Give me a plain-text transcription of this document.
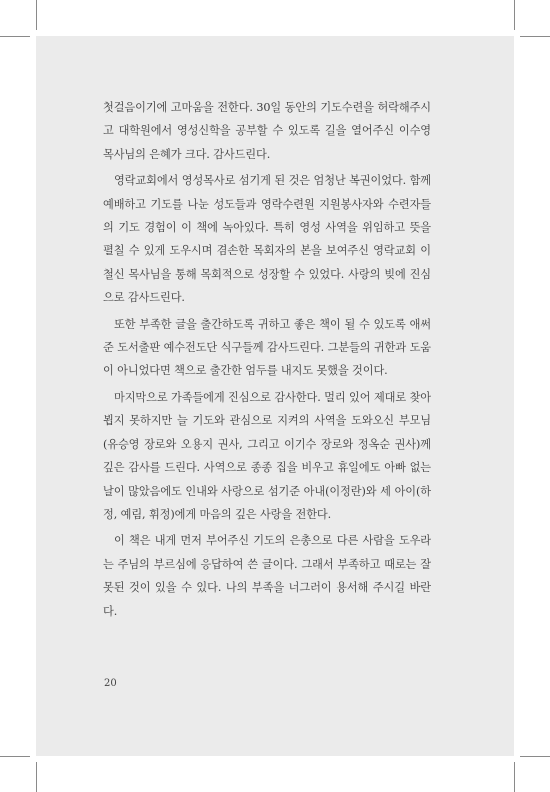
첫걸음이기에 고마움을 전한다. 30일 동안의 기도수련을 허락해주시고 대학원에서 영성신학을 공부할 수 있도록 길을 열어주신 이수영 목사님의 은혜가 크다. 감사드린다.

영락교회에서 영성목사로 섬기게 된 것은 엄청난 복권이었다. 함께 예배하고 기도를 나눈 성도들과 영락수련원 지원봉사자와 수련자들의 기도 경험이 이 책에 녹아있다. 특히 영성 사역을 위임하고 뜻을 펼칠 수 있게 도우시며 겸손한 목회자의 본을 보여주신 영락교회 이철신 목사님을 통해 목회적으로 성장할 수 있었다. 사랑의 빚에 진심으로 감사드린다.

또한 부족한 글을 출간하도록 귀하고 좋은 책이 될 수 있도록 애써준 도서출판 예수전도단 식구들께 감사드린다. 그분들의 귀한과 도움이 아니었다면 책으로 출간한 엄두를 내지도 못했을 것이다.

마지막으로 가족들에게 진심으로 감사한다. 멀리 있어 제대로 찾아뵙지 못하지만 늘 기도와 관심으로 지켜의 사역을 도와오신 부모님(유승영 장로와 오용지 권사, 그리고 이기수 장로와 정옥순 권사)께 깊은 감사를 드린다. 사역으로 종종 집을 비우고 휴일에도 아빠 없는 날이 많았음에도 인내와 사랑으로 섬기준 아내(이정란)와 세 아이(하정, 예림, 휘정)에게 마음의 깊은 사랑을 전한다.

이 책은 내게 먼저 부어주신 기도의 은총으로 다른 사람을 도우라는 주님의 부르심에 응답하여 쓴 글이다. 그래서 부족하고 때로는 잘못된 것이 있을 수 있다. 나의 부족을 너그러이 용서해 주시길 바란다.

20
